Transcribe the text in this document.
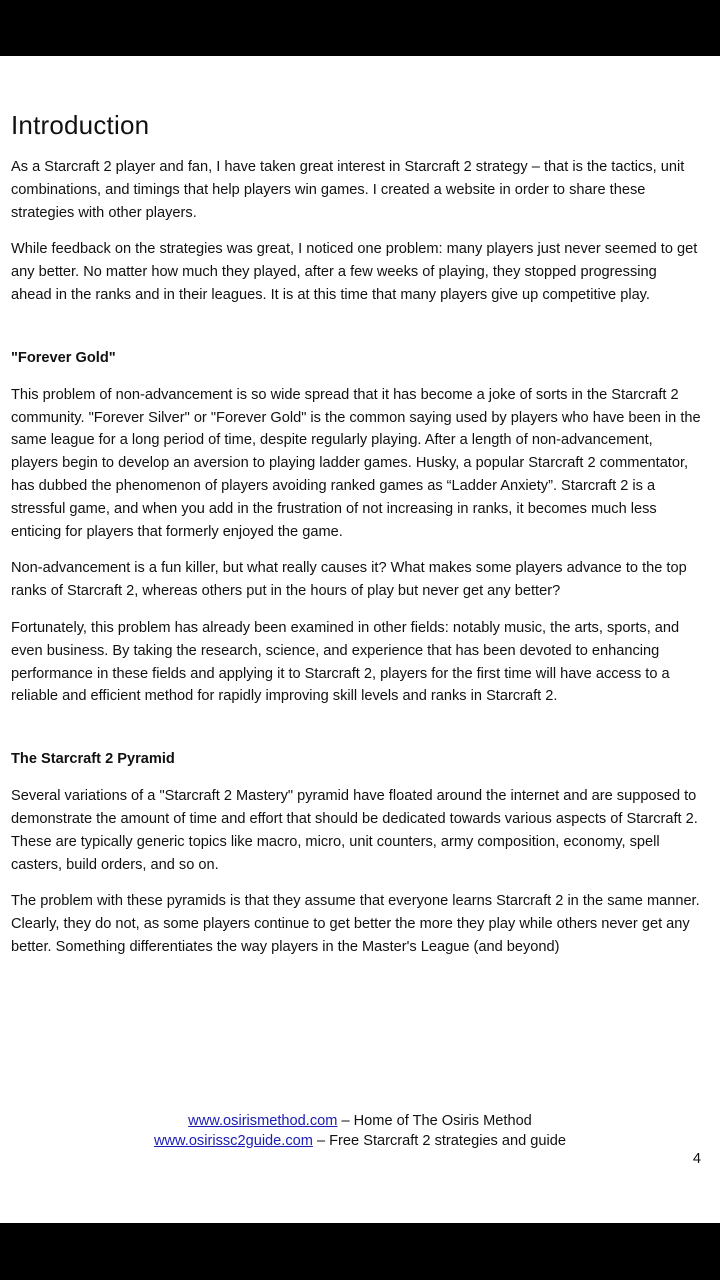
Introduction

As a Starcraft 2 player and fan, I have taken great interest in Starcraft 2 strategy – that is the tactics, unit combinations, and timings that help players win games. I created a website in order to share these strategies with other players.

While feedback on the strategies was great, I noticed one problem: many players just never seemed to get any better. No matter how much they played, after a few weeks of playing, they stopped progressing ahead in the ranks and in their leagues. It is at this time that many players give up competitive play.

"Forever Gold"

This problem of non-advancement is so wide spread that it has become a joke of sorts in the Starcraft 2 community. "Forever Silver" or "Forever Gold" is the common saying used by players who have been in the same league for a long period of time, despite regularly playing. After a length of non-advancement, players begin to develop an aversion to playing ladder games. Husky, a popular Starcraft 2 commentator, has dubbed the phenomenon of players avoiding ranked games as “Ladder Anxiety”. Starcraft 2 is a stressful game, and when you add in the frustration of not increasing in ranks, it becomes much less enticing for players that formerly enjoyed the game.

Non-advancement is a fun killer, but what really causes it? What makes some players advance to the top ranks of Starcraft 2, whereas others put in the hours of play but never get any better?

Fortunately, this problem has already been examined in other fields: notably music, the arts, sports, and even business. By taking the research, science, and experience that has been devoted to enhancing performance in these fields and applying it to Starcraft 2, players for the first time will have access to a reliable and efficient method for rapidly improving skill levels and ranks in Starcraft 2.

The Starcraft 2 Pyramid

Several variations of a "Starcraft 2 Mastery" pyramid have floated around the internet and are supposed to demonstrate the amount of time and effort that should be dedicated towards various aspects of Starcraft 2. These are typically generic topics like macro, micro, unit counters, army composition, economy, spell casters, build orders, and so on.

The problem with these pyramids is that they assume that everyone learns Starcraft 2 in the same manner. Clearly, they do not, as some players continue to get better the more they play while others never get any better. Something differentiates the way players in the Master's League (and beyond)

www.osirismethod.com – Home of The Osiris Method
www.osirissc2guide.com – Free Starcraft 2 strategies and guide
4
